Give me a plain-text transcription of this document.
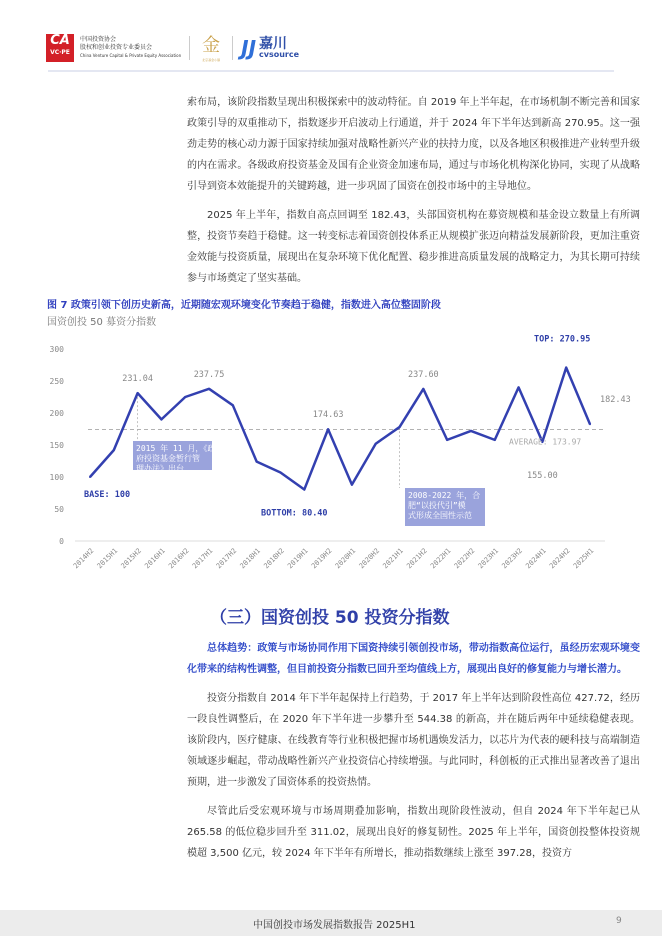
CA
VC·PE
中国投资协会
股权和创业投资专业委员会
China Venture Capital & Private Equity Association 金
北京基金小镇 JJ 嘉川
cvsource

索布局，该阶段指数呈现出积极探索中的波动特征。自 2019 年上半年起，在市场机制不断完善和国家政策引导的双重推动下，指数逐步开启波动上行通道，并于 2024 年下半年达到新高 270.95。这一强劲走势的核心动力源于国家持续加强对战略性新兴产业的扶持力度，以及各地区积极推进产业转型升级的内在需求。各级政府投资基金及国有企业资金加速布局，通过与市场化机构深化协同，实现了从战略引导到资本效能提升的关键跨越，进一步巩固了国资在创投市场中的主导地位。

2025 年上半年，指数自高点回调至 182.43，头部国资机构在募资规模和基金设立数量上有所调整，投资节奏趋于稳健。这一转变标志着国资创投体系正从规模扩张迈向精益发展新阶段，更加注重资金效能与投资质量，展现出在复杂环境下优化配置、稳步推进高质量发展的战略定力，为其长期可持续参与市场奠定了坚实基础。

图 7 政策引领下创历史新高，近期随宏观环境变化节奏趋于稳健，指数进入高位整固阶段
国资创投 50 募资分指数
0
50
100
150
200
250
300
2014H2 2015H1 2015H2 2016H1 2016H2 2017H1 2017H2 2018H1 2018H2 2019H1 2019H2 2020H1 2020H2 2021H1 2021H2 2022H1 2022H2 2023H1 2023H2 2024H1 2024H2 2025H1
2015 年 11 月，《政
府投资基金暂行管
理办法》出台
2008-2022 年，合
肥“以投代引”模
式形成全国性示范
BASE: 100
231.04	237.75
BOTTOM: 80.40
174.63
237.60
155.00
TOP: 270.95
182.43
AVERAGE: 173.97
（三）国资创投 50 投资分指数

总体趋势：政策与市场协同作用下国资持续引领创投市场，带动指数高位运行，虽经历宏观环境变化带来的结构性调整，但目前投资分指数已回升至均值线上方，展现出良好的修复能力与增长潜力。

投资分指数自 2014 年下半年起保持上行趋势，于 2017 年上半年达到阶段性高位 427.72，经历一段良性调整后，在 2020 年下半年进一步攀升至 544.38 的新高，并在随后两年中延续稳健表现。该阶段内，医疗健康、在线教育等行业积极把握市场机遇焕发活力，以芯片为代表的硬科技与高端制造领域逐步崛起，带动战略性新兴产业投资信心持续增强。与此同时，科创板的正式推出显著改善了退出预期，进一步激发了国资体系的投资热情。

尽管此后受宏观环境与市场周期叠加影响，指数出现阶段性波动，但自 2024 年下半年起已从 265.58 的低位稳步回升至 311.02，展现出良好的修复韧性。2025 年上半年，国资创投整体投资规模超 3,500 亿元，较 2024 年下半年有所增长，推动指数继续上涨至 397.28，投资方

中国创投市场发展指数报告 2025H1	9
